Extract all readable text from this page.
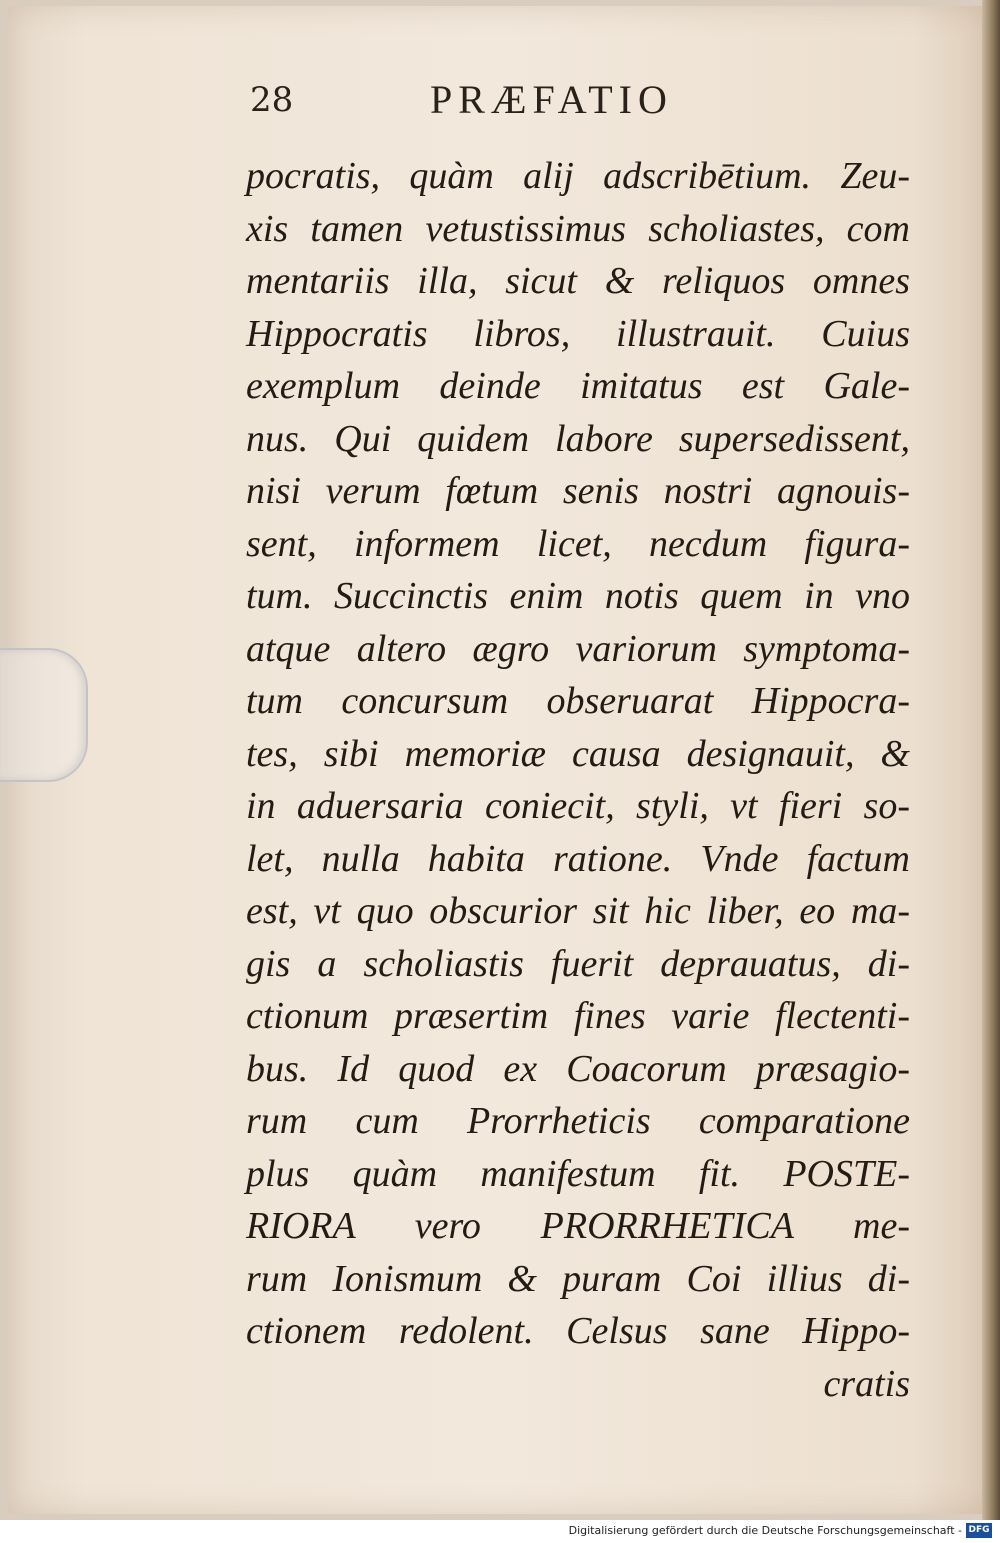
28	PRÆFATIO
pocratis, quàm alij adscribētium. Zeu-
xis tamen vetustissimus scholiastes, com
mentariis illa, sicut & reliquos omnes
Hippocratis libros, illustrauit. Cuius
exemplum deinde imitatus est Gale-
nus. Qui quidem labore supersedissent,
nisi verum fœtum senis nostri agnouis-
sent, informem licet, necdum figura-
tum. Succinctis enim notis quem in vno
atque altero ægro variorum symptoma-
tum concursum obseruarat Hippocra-
tes, sibi memoriæ causa designauit, &
in aduersaria coniecit, styli, vt fieri so-
let, nulla habita ratione. Vnde factum
est, vt quo obscurior sit hic liber, eo ma-
gis a scholiastis fuerit deprauatus, di-
ctionum præsertim fines varie flectenti-
bus. Id quod ex Coacorum præsagio-
rum cum Prorrheticis comparatione
plus quàm manifestum fit. POSTE-
RIORA vero PRORRHETICA me-
rum Ionismum & puram Coi illius di-
ctionem redolent. Celsus sane Hippo-
cratis
Digitalisierung gefördert durch die Deutsche Forschungsgemeinschaft - DFG
